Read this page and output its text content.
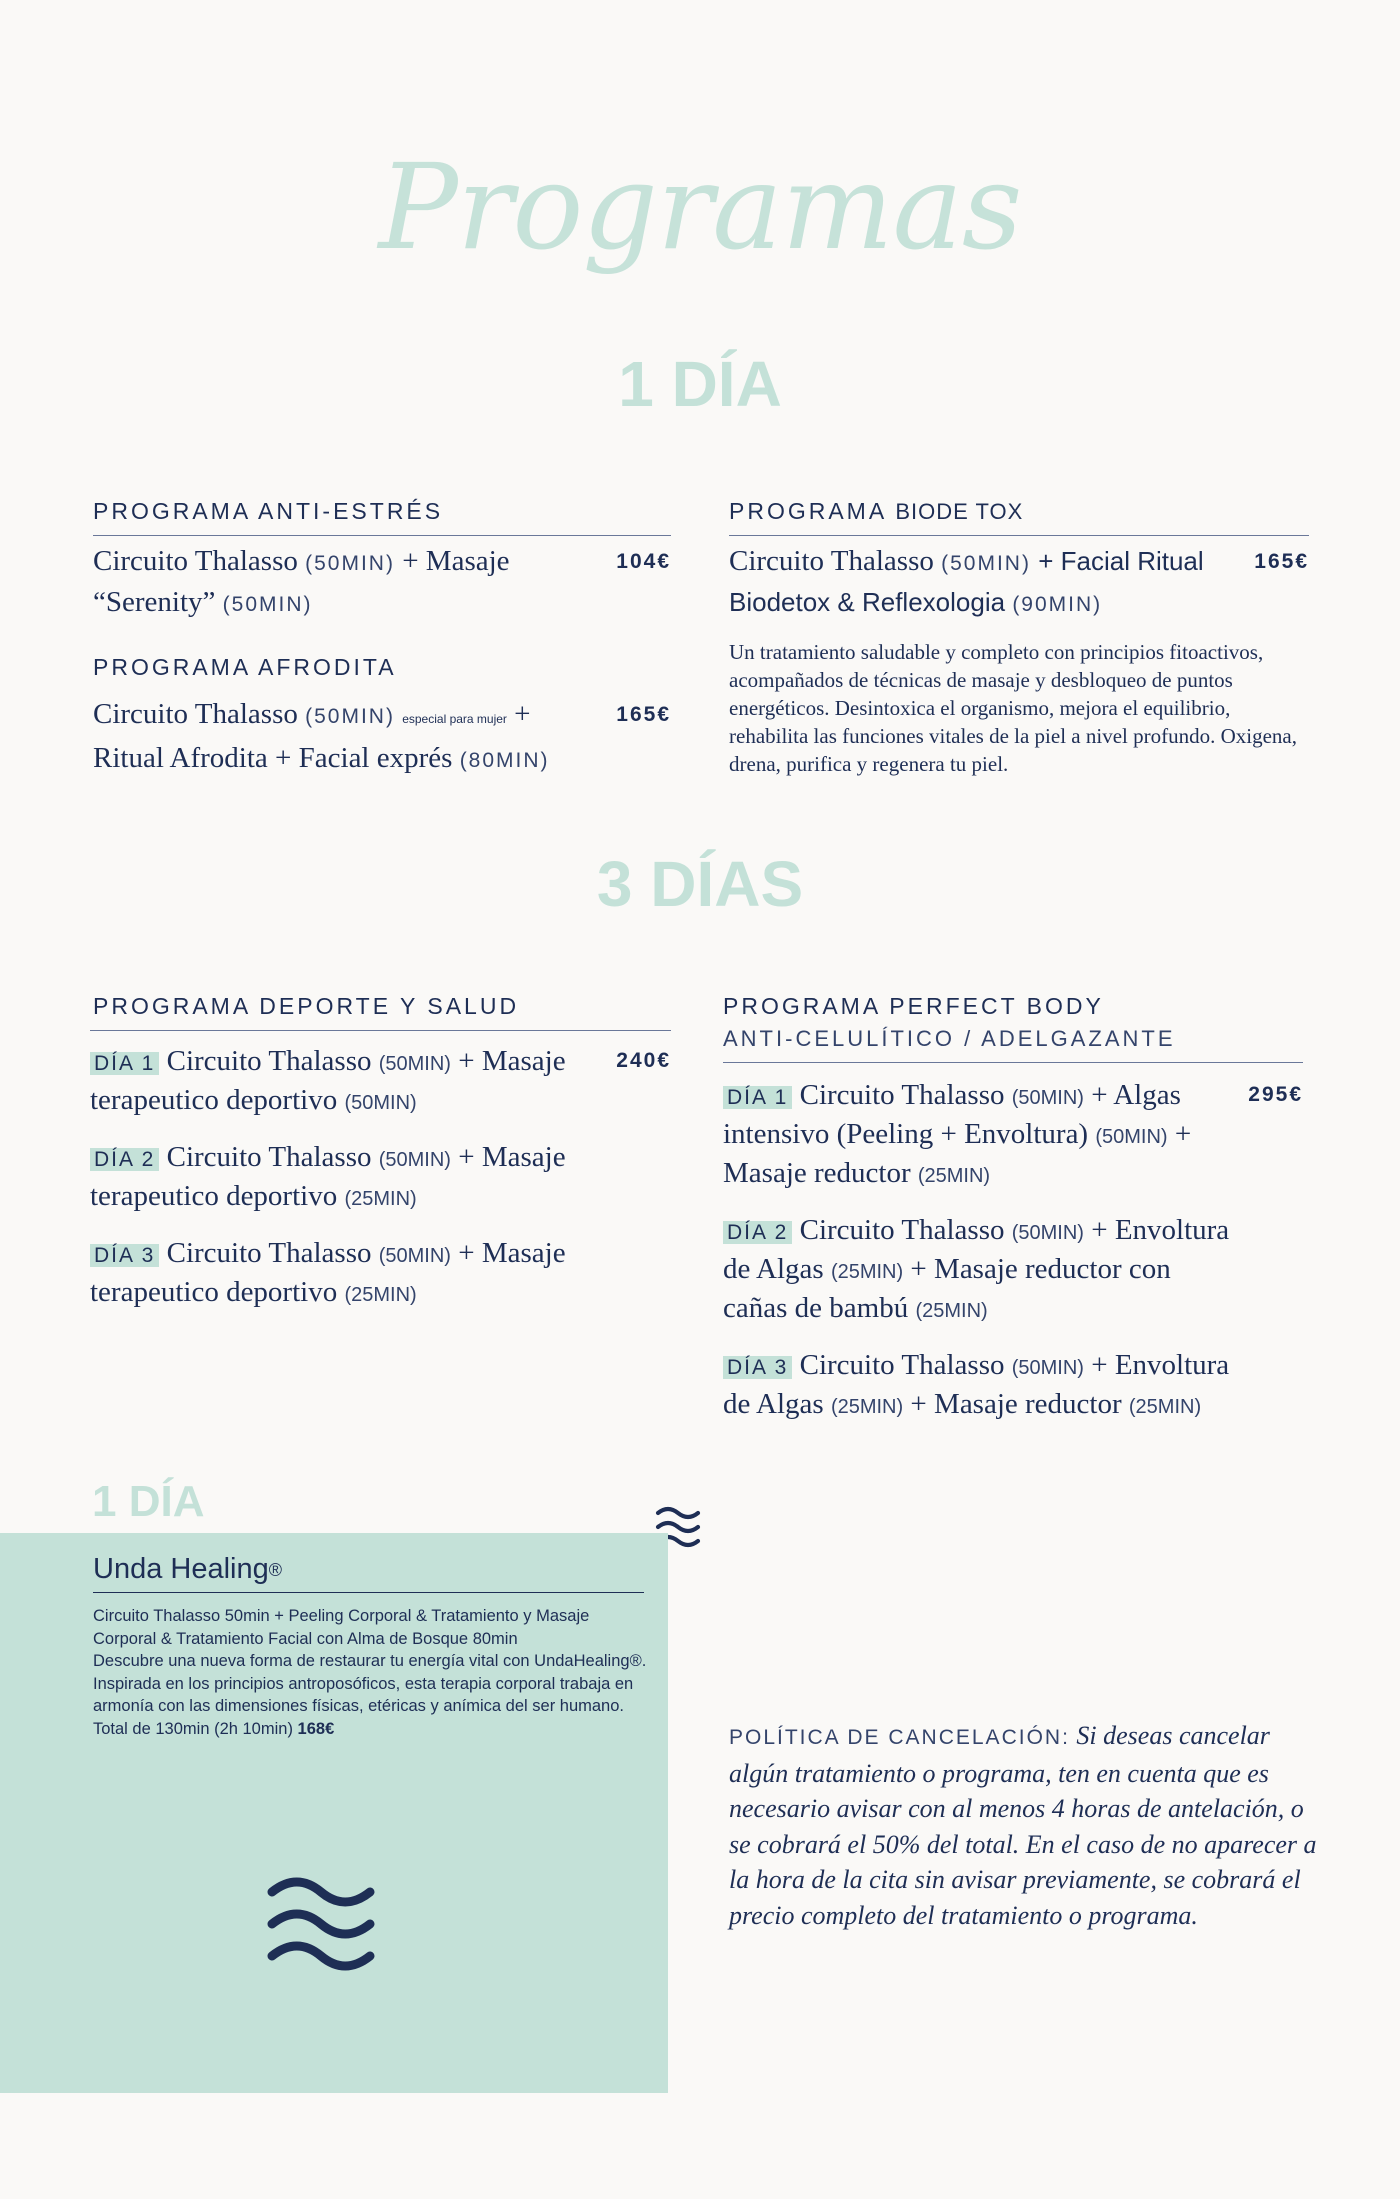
Programas
1 DÍA
PROGRAMA ANTI-ESTRÉS
Circuito Thalasso (50MIN) + Masaje “Serenity” (50MIN)
104€
PROGRAMA AFRODITA
Circuito Thalasso (50MIN) especial para mujer + Ritual Afrodita + Facial exprés (80MIN)
165€
PROGRAMA BIODE TOX
Circuito Thalasso (50MIN) + Facial Ritual Biodetox & Reflexologia (90MIN)
165€
Un tratamiento saludable y completo con principios fitoactivos, acompañados de técnicas de masaje y desbloqueo de puntos energéticos. Desintoxica el organismo, mejora el equilibrio, rehabilita las funciones vitales de la piel a nivel profundo. Oxigena, drena, purifica y regenera tu piel.
3 DÍAS
PROGRAMA DEPORTE Y SALUD
DÍA 1 Circuito Thalasso (50MIN) + Masaje terapeutico deportivo (50MIN)
240€
DÍA 2 Circuito Thalasso (50MIN) + Masaje terapeutico deportivo (25MIN)
DÍA 3 Circuito Thalasso (50MIN) + Masaje terapeutico deportivo (25MIN)
PROGRAMA PERFECT BODY
ANTI-CELULÍTICO / ADELGAZANTE
DÍA 1 Circuito Thalasso (50MIN) + Algas intensivo (Peeling + Envoltura) (50MIN) + Masaje reductor (25MIN)
295€
DÍA 2 Circuito Thalasso (50MIN) + Envoltura de Algas (25MIN) + Masaje reductor con cañas de bambú (25MIN)
DÍA 3 Circuito Thalasso (50MIN) + Envoltura de Algas (25MIN) + Masaje reductor (25MIN)
1 DÍA
Unda Healing®
Circuito Thalasso 50min + Peeling Corporal & Tratamiento y Masaje Corporal & Tratamiento Facial con Alma de Bosque 80min
Descubre una nueva forma de restaurar tu energía vital con UndaHealing®. Inspirada en los principios antroposóficos, esta terapia corporal trabaja en armonía con las dimensiones físicas, etéricas y anímica del ser humano.
Total de 130min (2h 10min) 168€	POLÍTICA DE CANCELACIÓN: Si deseas cancelar algún tratamiento o programa, ten en cuenta que es necesario avisar con al menos 4 horas de antelación, o se cobrará el 50% del total. En el caso de no aparecer a la hora de la cita sin avisar previamente, se cobrará el precio completo del tratamiento o programa.
